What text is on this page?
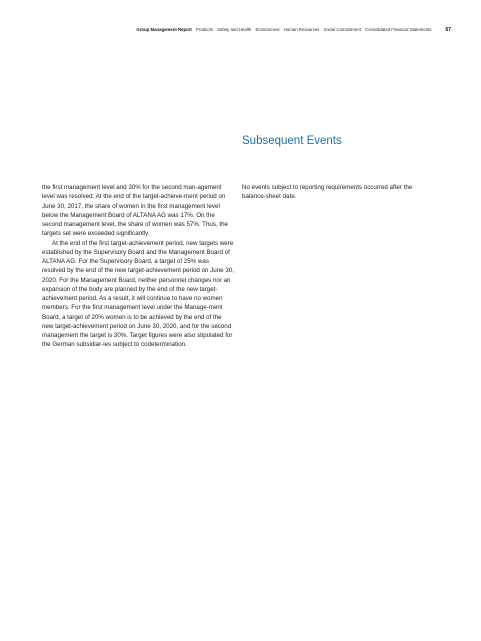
Group Management Report Products Safety and Health Environment Human Resources Social Commitment Consolidated Financial Statements	67
Subsequent Events

the first management level and 30% for the second man-agement level was resolved. At the end of the target-achieve-ment period on June 30, 2017, the share of women in the first management level below the Management Board of ALTANA AG was 17%. On the second management level, the share of women was 57%. Thus, the targets set were exceeded significantly.

At the end of the first target-achievement period, new targets were established by the Supervisory Board and the Management Board of ALTANA AG. For the Supervisory Board, a target of 25% was resolved by the end of the new target-achievement period on June 30, 2020. For the Management Board, neither personnel changes nor an expansion of the body are planned by the end of the new target-achievement period. As a result, it will continue to have no women members. For the first management level under the Manage-ment Board, a target of 20% women is to be achieved by the end of the new target-achievement period on June 30, 2020, and for the second management the target is 30%. Target figures were also stipulated for the German subsidiar-ies subject to codetermination.

No events subject to reporting requirements occurred after the balance-sheet date.
